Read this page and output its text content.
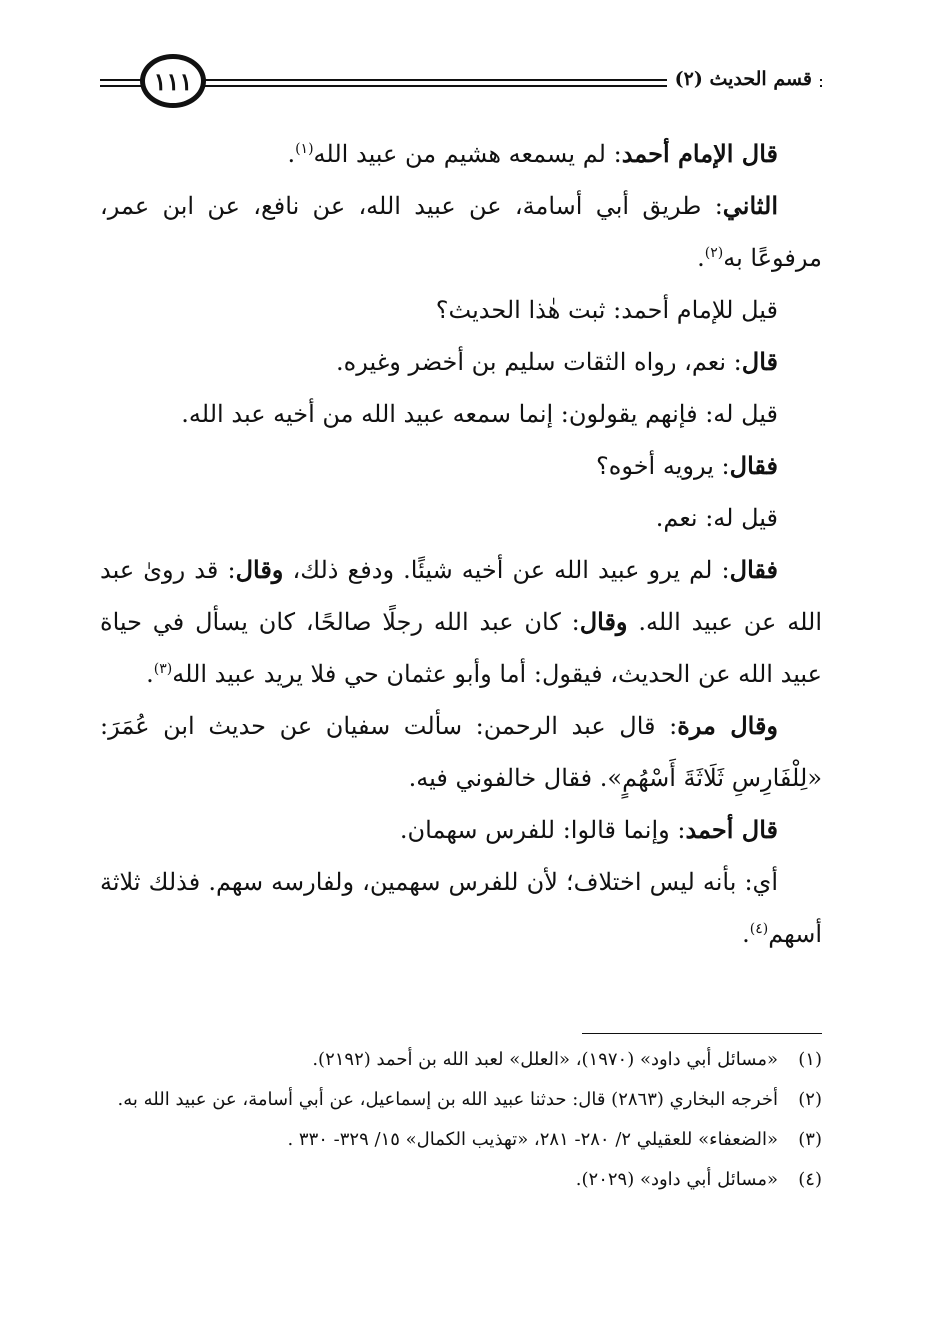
١١١	قسم الحديث (٢)

قال الإمام أحمد: لم يسمعه هشيم من عبيد الله$^{(١)}$.

الثاني: طريق أبي أسامة، عن عبيد الله، عن نافع، عن ابن عمر، مرفوعًا به$^{(٢)}$.

قيل للإمام أحمد: ثبت هٰذا الحديث؟

قال: نعم، رواه الثقات سليم بن أخضر وغيره.

قيل له: فإنهم يقولون: إنما سمعه عبيد الله من أخيه عبد الله.

فقال: يرويه أخوه؟

قيل له: نعم.

فقال: لم يرو عبيد الله عن أخيه شيئًا. ودفع ذلك، وقال: قد روىٰ عبد الله عن عبيد الله. وقال: كان عبد الله رجلًا صالحًا، كان يسأل في حياة عبيد الله عن الحديث، فيقول: أما وأبو عثمان حي فلا يريد عبيد الله$^{(٣)}$.

وقال مرة: قال عبد الرحمن: سألت سفيان عن حديث ابن عُمَرَ: «لِلْفَارِسِ ثَلَاثَةَ أَسْهُمٍ». فقال خالفوني فيه.

قال أحمد: وإنما قالوا: للفرس سهمان.

أي: بأنه ليس اختلاف؛ لأن للفرس سهمين، ولفارسه سهم. فذلك ثلاثة أسهم$^{(٤)}$.

(١)
«مسائل أبي داود» (١٩٧٠)، «العلل» لعبد الله بن أحمد (٢١٩٢).
(٢)
أخرجه البخاري (٢٨٦٣) قال: حدثنا عبيد الله بن إسماعيل، عن أبي أسامة، عن عبيد الله به.
(٣)
«الضعفاء» للعقيلي ٢/ ٢٨٠- ٢٨١، «تهذيب الكمال» ١٥/ ٣٢٩- ٣٣٠ .
(٤)
«مسائل أبي داود» (٢٠٢٩).
